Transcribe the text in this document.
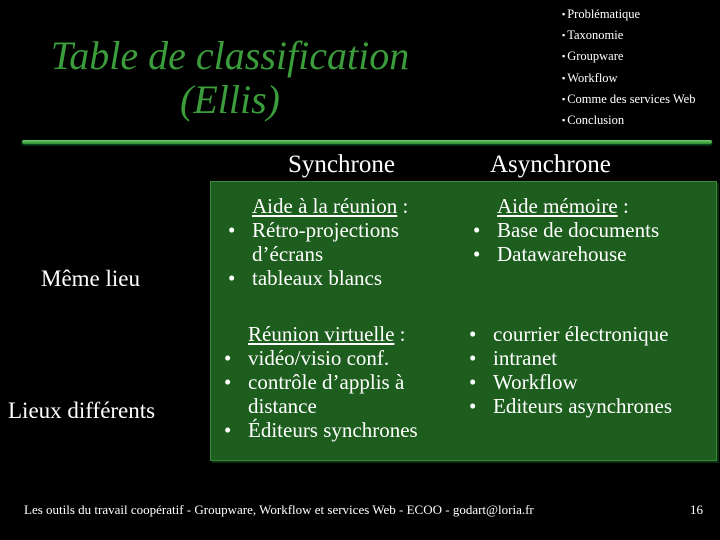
Table de classification
(Ellis)
▪ Problématique
▪ Taxonomie
▪ Groupware
▪ Workflow
▪ Comme des services Web
▪ Conclusion
Synchrone	Asynchrone
Même lieu
Lieux différents
Aide à la réunion :
• Rétro-projections d’écrans
• tableaux blancs
Aide mémoire :
• Base de documents
• Datawarehouse
Réunion virtuelle :
• vidéo/visio conf.
• contrôle d’applis à distance
• Éditeurs synchrones
• courrier électronique
• intranet
• Workflow
• Editeurs asynchrones
Les outils du travail coopératif - Groupware, Workflow et services Web - ECOO - godart@loria.fr	16
